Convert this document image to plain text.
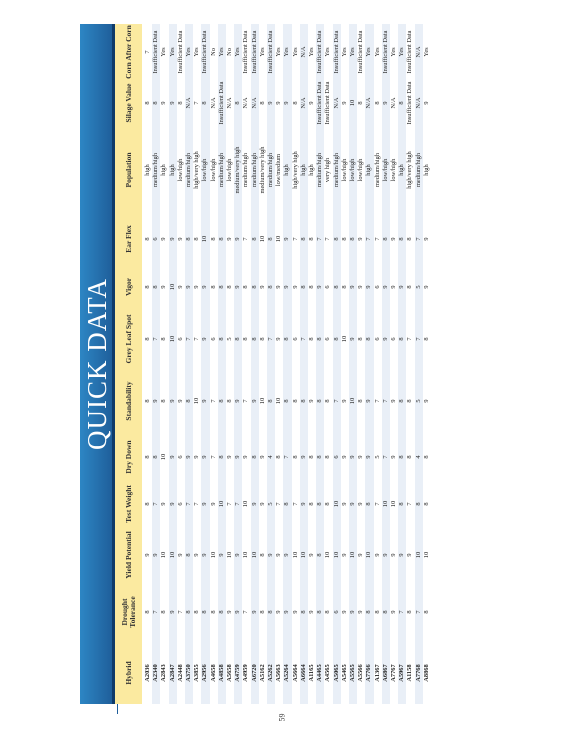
QUICK DATA
Hybrid
Drought Tolerance
Yield Potential
Test Weight
Dry Down
Standability
Grey Leaf Spot
Vigor
Ear Flex
Population
Silage Value
Corn After Corn
A2036
8
9
8
8
8
8
8
8
high
8
7
A2340
7
9
7
8
9
7
8
6
medium/high
8
Insufficient Data
A2843
8
10
9
10
8
8
9
9
high
9
Yes
A2847
9
10
9
9
9
10
10
9
high
9
Yes
A2448
7
9
6
6
9
6
9
9
low/high
8
Insufficient Data
A3750
8
8
7
9
8
7
9
8
medium/high
N/A
Yes
A3855
8
9
7
9
10
7
9
8
high/very high
7
Yes
A2956
8
9
9
9
9
9
9
10
low/high
8
Insufficient Data
A4658
8
10
9
7
7
6
8
8
low/high
N/A
No
A4858
8
9
10
8
8
8
8
8
medium/high
Insufficient Data
Yes
A5658
9
10
7
9
8
5
8
9
low/high
N/A
No
A4759
9
9
7
9
9
8
9
9
medium/very high
8
Yes
A4959
7
10
10
9
7
8
8
7
medium/high
N/A
Insufficient Data
A6720
9
10
9
8
9
8
8
8
medium/high
N/A
Insufficient Data
A5162
8
8
9
9
10
8
9
10
medium/very high
8
Yes
A5262
8
9
5
4
8
7
8
8
medium/high
9
Insufficient Data
A5663
9
9
7
8
10
9
9
10
low/medium
9
Yes
A5264
9
9
8
7
8
8
9
9
high
9
Yes
A5664
9
10
7
8
8
6
9
7
high/very high
8
Yes
A6664
8
10
9
9
8
7
8
8
high
N/A
N/A
A1165
9
9
8
8
9
8
8
8
high
9
Yes
A4465
8
8
8
8
8
8
9
7
medium/high
Insufficient Data
Insufficient Data
A4565
8
10
8
8
8
6
6
7
very high
Insufficient Data
Yes
A5065
6
10
10
6
7
8
8
8
medium/high
N/A
Insufficient Data
A5465
9
9
9
9
9
10
8
8
low/high
9
Yes
A5565
9
10
9
9
10
9
9
8
low/high
10
Yes
A5566
9
9
9
9
8
8
9
9
low/high
8
Insufficient Data
A7766
8
10
8
9
9
8
9
7
high
N/A
Yes
A1367
8
9
7
5
7
6
6
7
medium/high
8
Yes
A6867
8
9
10
7
7
9
9
8
low/high
9
Insufficient Data
A7767
9
9
10
9
9
6
9
9
low/high
N/A
Yes
A5967
7
9
8
8
8
8
9
8
high
8
Yes
A1158
8
9
7
8
8
7
8
8
high/very high
Insufficient Data
Insufficient Data
A7768
7
10
8
4
5
7
5
7
medium/high
N/A
N/A
A8868
8
10
8
8
9
8
9
9
high
9
Yes
59
